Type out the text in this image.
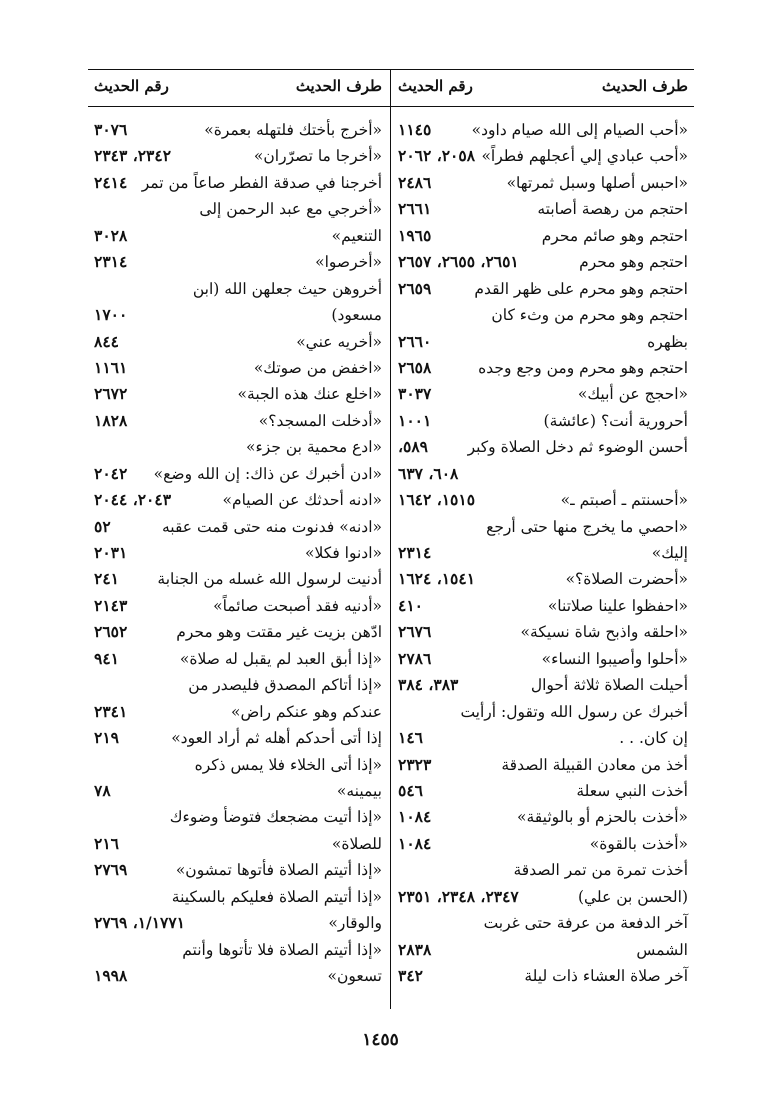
طرف الحديث
رقم الحديث
«أحب الصيام إلى الله صيام داود»
١١٤٥
«أحب عبادي إلي أعجلهم فطراً»
٢٠٥٨، ٢٠٦٢
«احبس أصلها وسبل ثمرتها»
٢٤٨٦
احتجم من رهصة أصابته
٢٦٦١
احتجم وهو صائم محرم
١٩٦٥
احتجم وهو محرم
٢٦٥١، ٢٦٥٥، ٢٦٥٧
احتجم وهو محرم على ظهر القدم
٢٦٥٩
احتجم وهو محرم من وثء كان
بظهره
٢٦٦٠
احتجم وهو محرم ومن وجع وجده
٢٦٥٨
«احجج عن أبيك»
٣٠٣٧
أحرورية أنت؟ (عائشة)
١٠٠١
أحسن الوضوء ثم دخل الصلاة وكبر
٥٨٩،
٦٠٨، ٦٣٧
«أحسنتم ـ أصبتم ـ»
١٥١٥، ١٦٤٢
«احصي ما يخرج منها حتى أرجع
إليك»
٢٣١٤
«أحضرت الصلاة؟»
١٥٤١، ١٦٢٤
«احفظوا علينا صلاتنا»
٤١٠
«احلقه واذبح شاة نسيكة»
٢٦٧٦
«أحلوا وأصيبوا النساء»
٢٧٨٦
أحيلت الصلاة ثلاثة أحوال
٣٨٣، ٣٨٤
أخبرك عن رسول الله وتقول: أرأيت
إن كان. . .
١٤٦
أخذ من معادن القبيلة الصدقة
٢٣٢٣
أخذت النبي سعلة
٥٤٦
«أخذت بالحزم أو بالوثيقة»
١٠٨٤
«أخذت بالقوة»
١٠٨٤
أخذت تمرة من تمر الصدقة
(الحسن بن علي)
٢٣٤٧، ٢٣٤٨، ٢٣٥١
آخر الدفعة من عرفة حتى غربت
الشمس
٢٨٣٨
آخر صلاة العشاء ذات ليلة
٣٤٢
طرف الحديث
رقم الحديث
«أخرج بأختك فلتهله بعمرة»
٣٠٧٦
«أخرجا ما تصرّران»
٢٣٤٢، ٢٣٤٣
أخرجنا في صدقة الفطر صاعاً من تمر
٢٤١٤
«أخرجي مع عبد الرحمن إلى
التنعيم»
٣٠٢٨
«أخرصوا»
٢٣١٤
أخروهن حيث جعلهن الله (ابن
مسعود)
١٧٠٠
«أخريه عني»
٨٤٤
«اخفض من صوتك»
١١٦١
«اخلع عنك هذه الجبة»
٢٦٧٢
«أدخلت المسجد؟»
١٨٢٨
«ادع محمية بن جزء»
«ادن أخبرك عن ذاك: إن الله وضع»
٢٠٤٢
«ادنه أحدثك عن الصيام»
٢٠٤٣، ٢٠٤٤
«ادنه» فدنوت منه حتى قمت عقبه
٥٢
«ادنوا فكلا»
٢٠٣١
أدنيت لرسول الله غسله من الجنابة
٢٤١
«أدنيه فقد أصبحت صائماً»
٢١٤٣
ادّهن بزيت غير مقتت وهو محرم
٢٦٥٢
«إذا أبق العبد لم يقبل له صلاة»
٩٤١
«إذا أتاكم المصدق فليصدر من
عندكم وهو عنكم راض»
٢٣٤١
إذا أتى أحدكم أهله ثم أراد العود»
٢١٩
«إذا أتى الخلاء فلا يمس ذكره
بيمينه»
٧٨
«إذا أتيت مضجعك فتوضأ وضوءك
للصلاة»
٢١٦
«إذا أتيتم الصلاة فأتوها تمشون»
٢٧٦٩
«إذا أتيتم الصلاة فعليكم بالسكينة
والوقار»
١/١٧٧١، ٢٧٦٩
«إذا أتيتم الصلاة فلا تأتوها وأنتم
تسعون»
١٩٩٨
١٤٥٥
